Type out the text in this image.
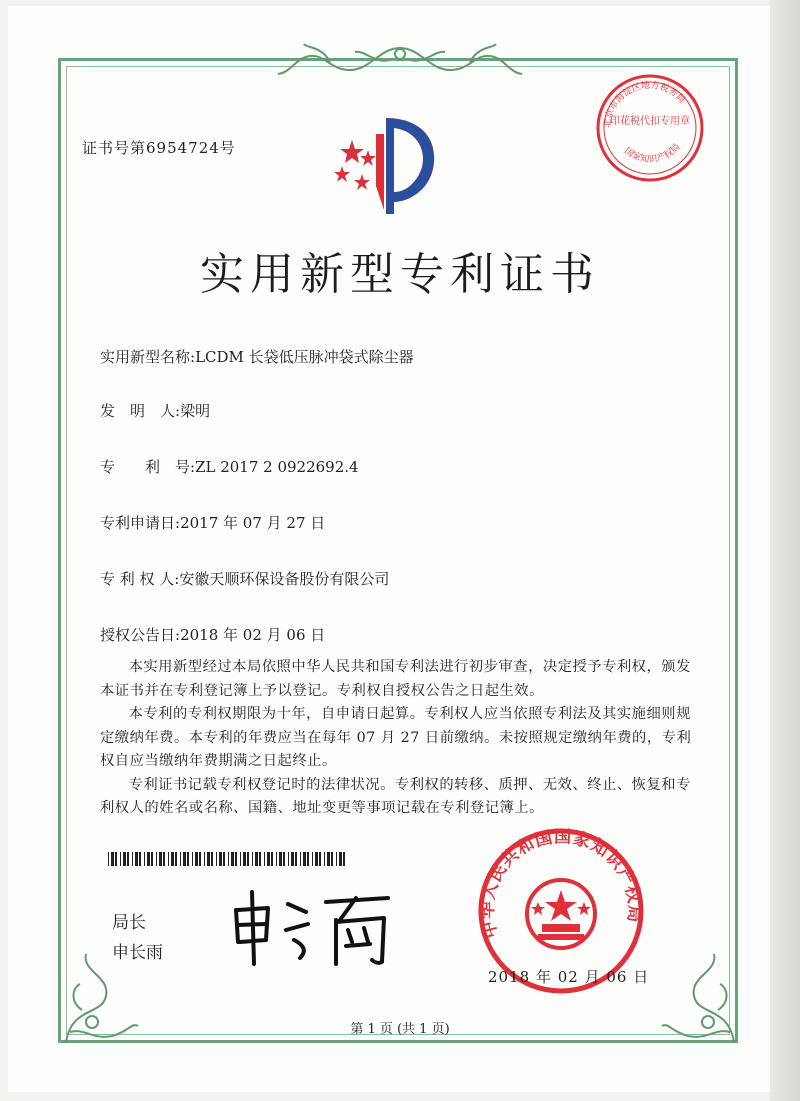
北京市海淀区地方税务局
印花税代扣专用章
国家知识产权局
证书号第6954724号
实用新型专利证书
实用新型名称:LCDM 长袋低压脉冲袋式除尘器
发　明　人:梁明
专　　利　号:ZL 2017 2 0922692.4
专利申请日:2017 年 07 月 27 日
专 利 权 人:安徽天顺环保设备股份有限公司
授权公告日:2018 年 02 月 06 日

本实用新型经过本局依照中华人民共和国专利法进行初步审查，决定授予专利权，颁发本证书并在专利登记簿上予以登记。专利权自授权公告之日起生效。

本专利的专利权期限为十年，自申请日起算。专利权人应当依照专利法及其实施细则规定缴纳年费。本专利的年费应当在每年 07 月 27 日前缴纳。未按照规定缴纳年费的，专利权自应当缴纳年费期满之日起终止。

专利证书记载专利权登记时的法律状况。专利权的转移、质押、无效、终止、恢复和专利权人的姓名或名称、国籍、地址变更等事项记载在专利登记簿上。

局长
申长雨
中华人民共和国国家知识产权局
2018 年 02 月 06 日
第 1 页 (共 1 页)
